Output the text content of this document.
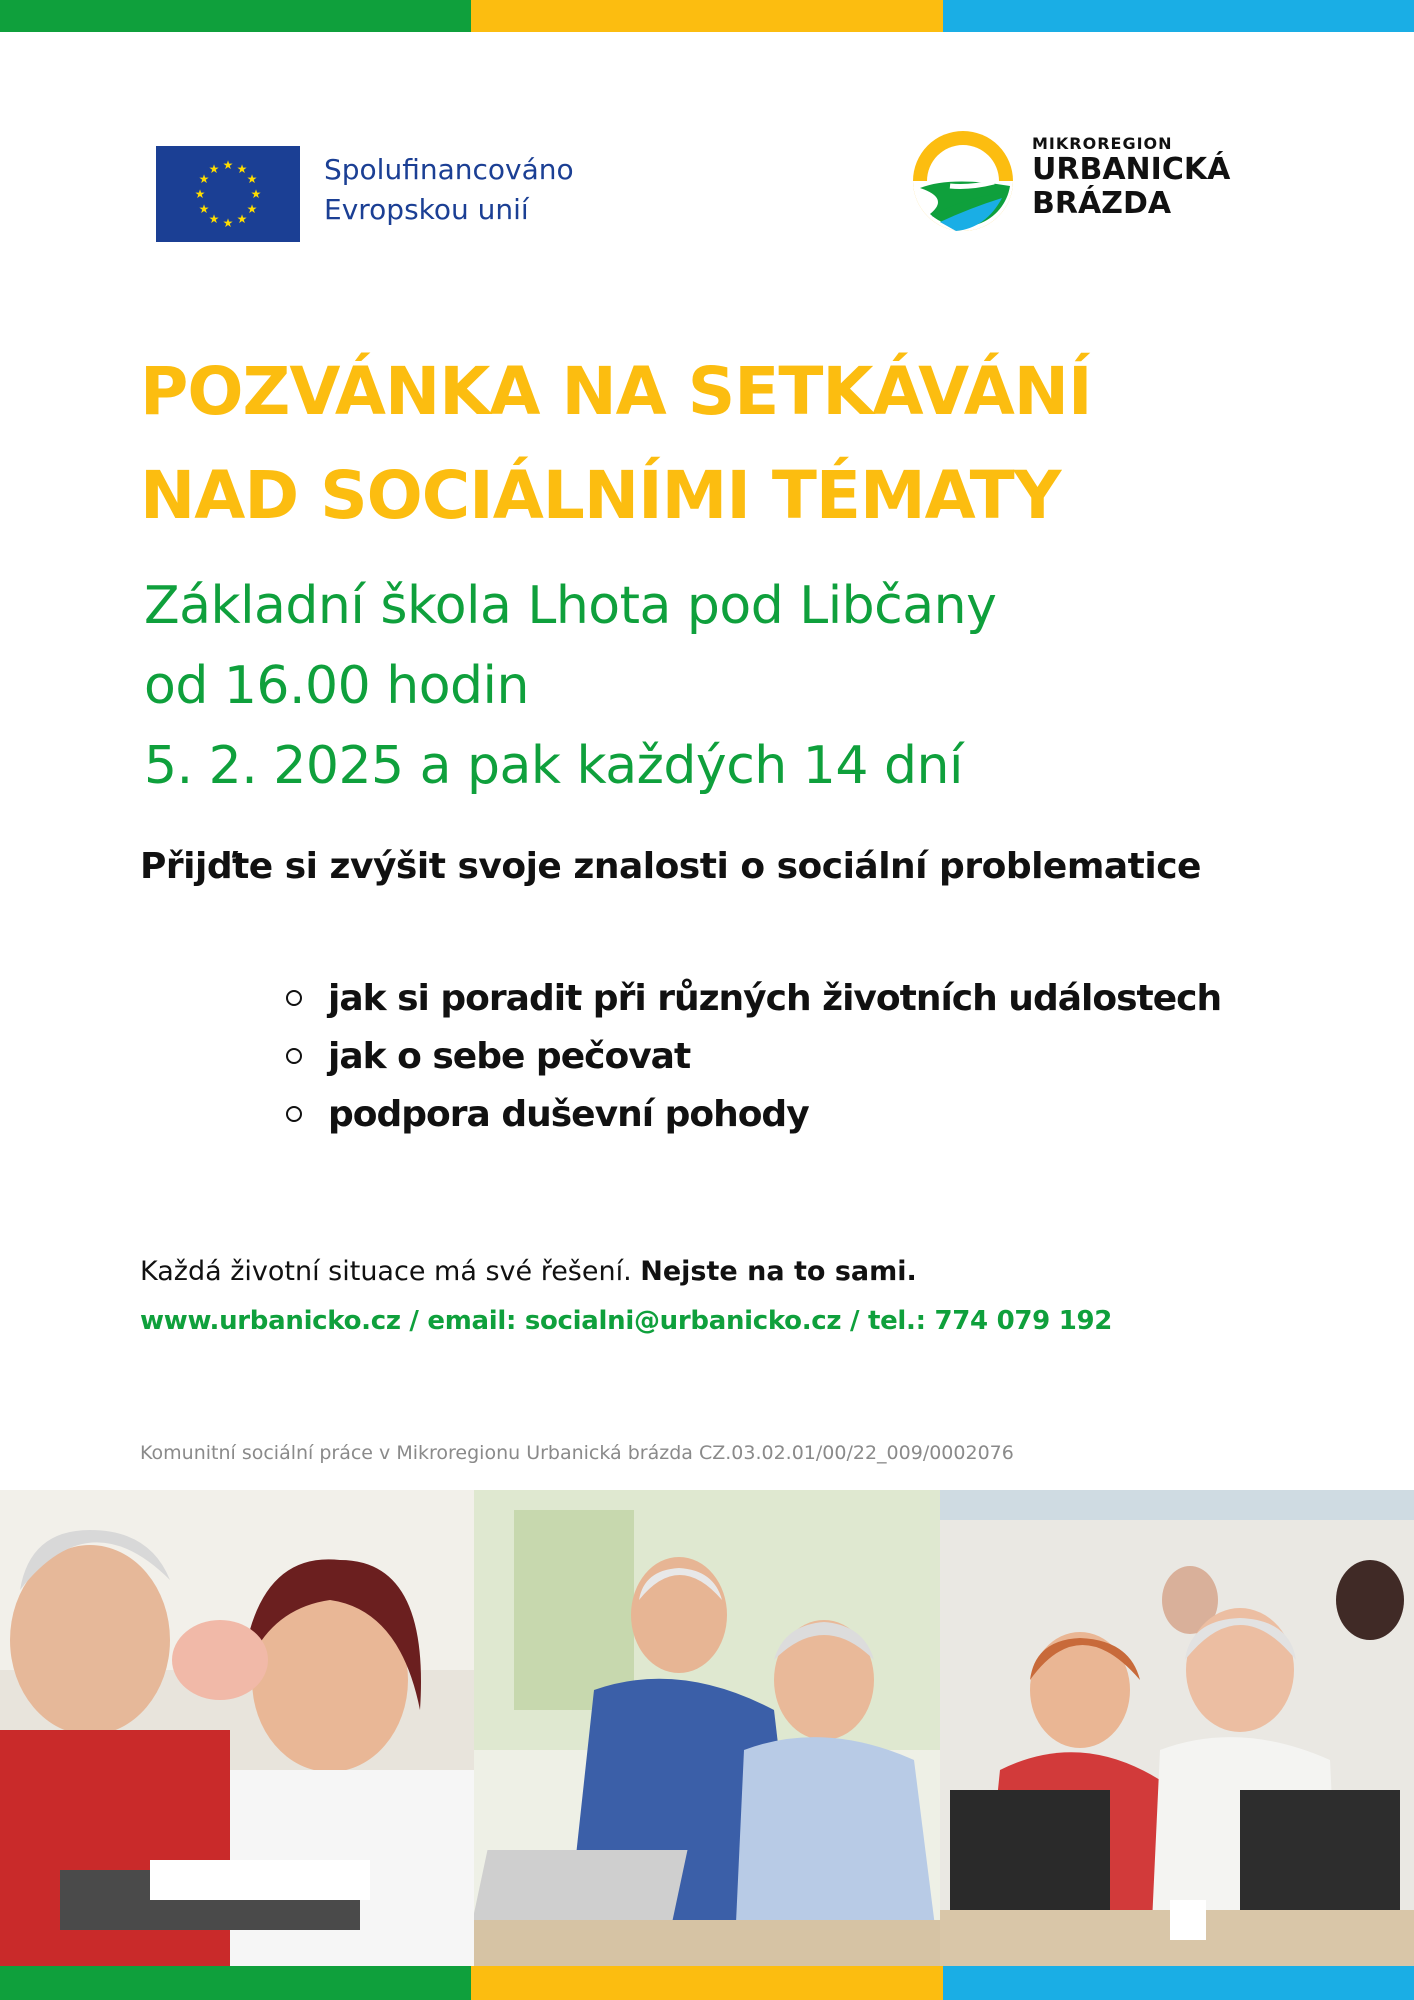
★ ★
★
★
★
★
★
★
★
★
★
★	Spolufinancováno
Evropskou unií
MIKROREGION
URBANICKÁ
BRÁZDA
POZVÁNKA NA SETKÁVÁNÍ
NAD SOCIÁLNÍMI TÉMATY
Základní škola Lhota pod Libčany
od 16.00 hodin
5. 2. 2025 a pak každých 14 dní
Přijďte si zvýšit svoje znalosti o sociální problematice
jak si poradit při různých životních událostech
jak o sebe pečovat
podpora duševní pohody
Každá životní situace má své řešení. Nejste na to sami.
www.urbanicko.cz / email: socialni@urbanicko.cz / tel.: 774 079 192
Komunitní sociální práce v Mikroregionu Urbanická brázda CZ.03.02.01/00/22_009/0002076
